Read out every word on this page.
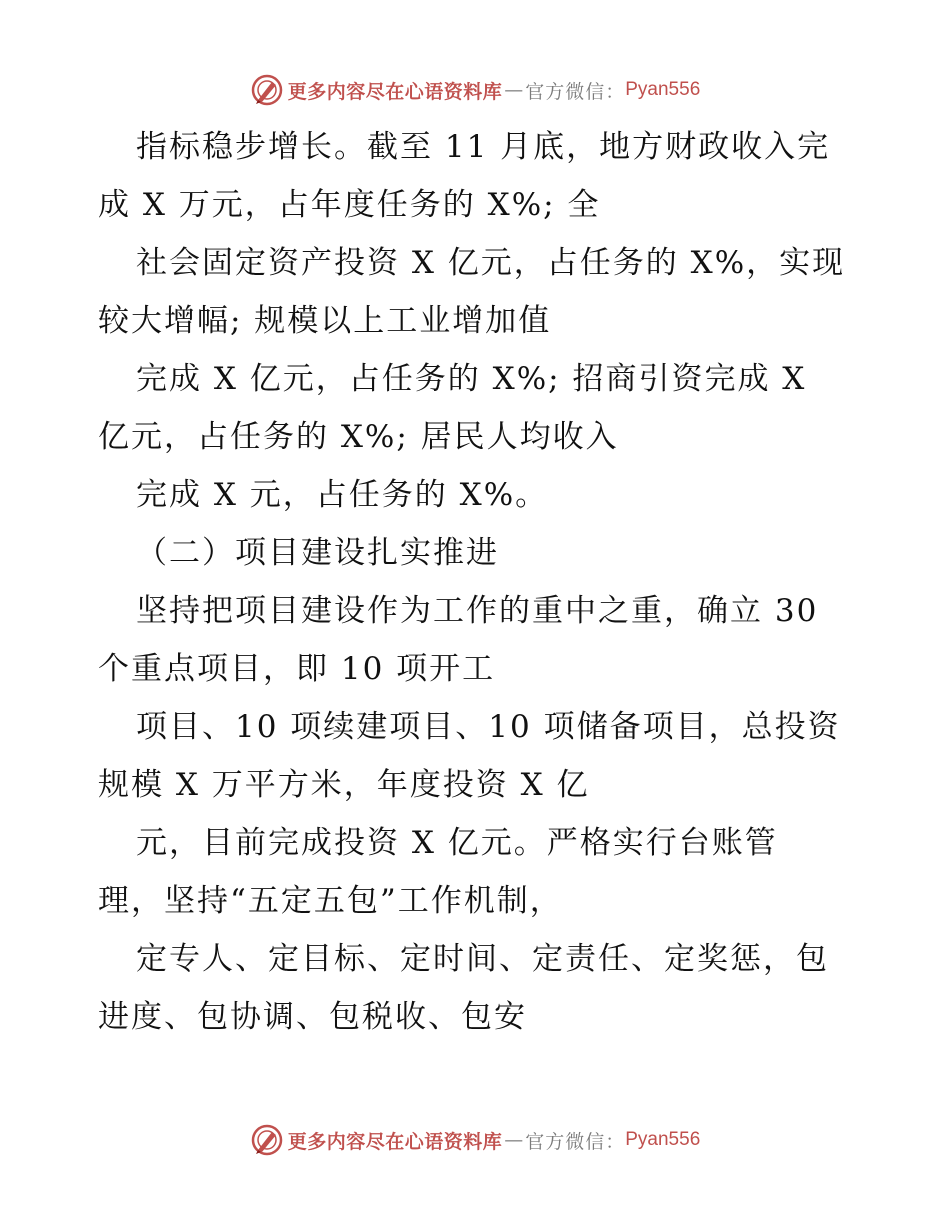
更多内容尽在心语资料库 — 官方微信： Pyan556
指标稳步增长。截至 11 月底，地方财政收入完
成 X 万元，占年度任务的 X%; 全
社会固定资产投资 X 亿元，占任务的 X%，实现
较大增幅; 规模以上工业增加值
完成 X 亿元，占任务的 X%; 招商引资完成 X
亿元，占任务的 X%; 居民人均收入
完成 X 元，占任务的 X%。
（二）项目建设扎实推进
坚持把项目建设作为工作的重中之重，确立 30
个重点项目，即 10 项开工
项目、10 项续建项目、10 项储备项目，总投资
规模 X 万平方米，年度投资 X 亿
元，目前完成投资 X 亿元。严格实行台账管
理，坚持“五定五包”工作机制，
定专人、定目标、定时间、定责任、定奖惩，包
进度、包协调、包税收、包安
更多内容尽在心语资料库 — 官方微信： Pyan556
